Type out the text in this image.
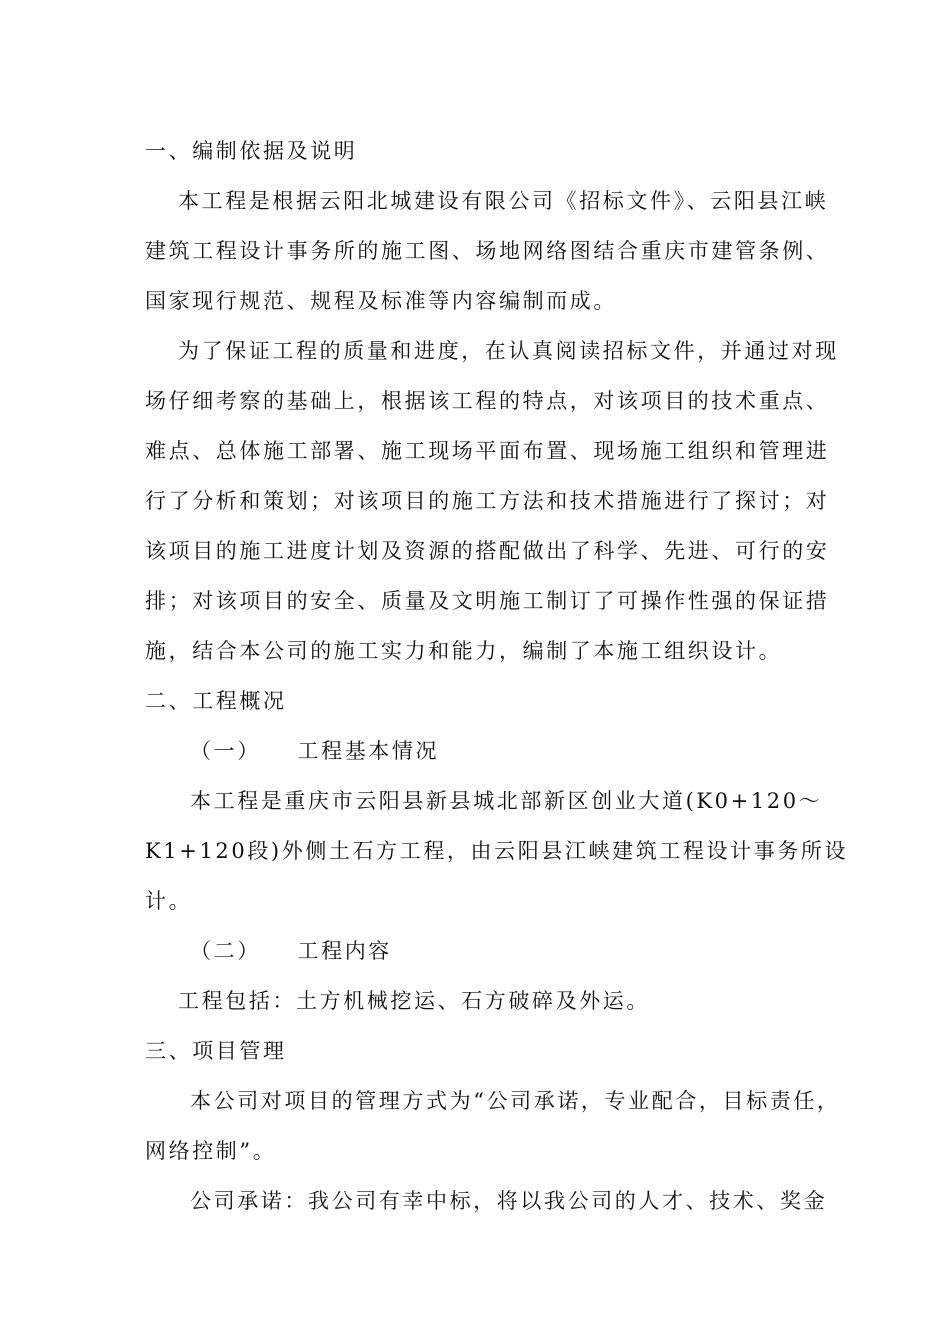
一、编制依据及说明
本工程是根据云阳北城建设有限公司《招标文件》、云阳县江峡
建筑工程设计事务所的施工图、场地网络图结合重庆市建管条例、
国家现行规范、规程及标准等内容编制而成。
为了保证工程的质量和进度，在认真阅读招标文件，并通过对现
场仔细考察的基础上，根据该工程的特点，对该项目的技术重点、
难点、总体施工部署、施工现场平面布置、现场施工组织和管理进
行了分析和策划；对该项目的施工方法和技术措施进行了探讨；对
该项目的施工进度计划及资源的搭配做出了科学、先进、可行的安
排；对该项目的安全、质量及文明施工制订了可操作性强的保证措
施，结合本公司的施工实力和能力，编制了本施工组织设计。
二、工程概况
（一）　　工程基本情况
本工程是重庆市云阳县新县城北部新区创业大道(K0+120～
K1+120段)外侧土石方工程，由云阳县江峡建筑工程设计事务所设
计。
（二）　　工程内容
工程包括：土方机械挖运、石方破碎及外运。
三、项目管理
本公司对项目的管理方式为“公司承诺，专业配合，目标责任，
网络控制”。
公司承诺：我公司有幸中标，将以我公司的人才、技术、奖金
